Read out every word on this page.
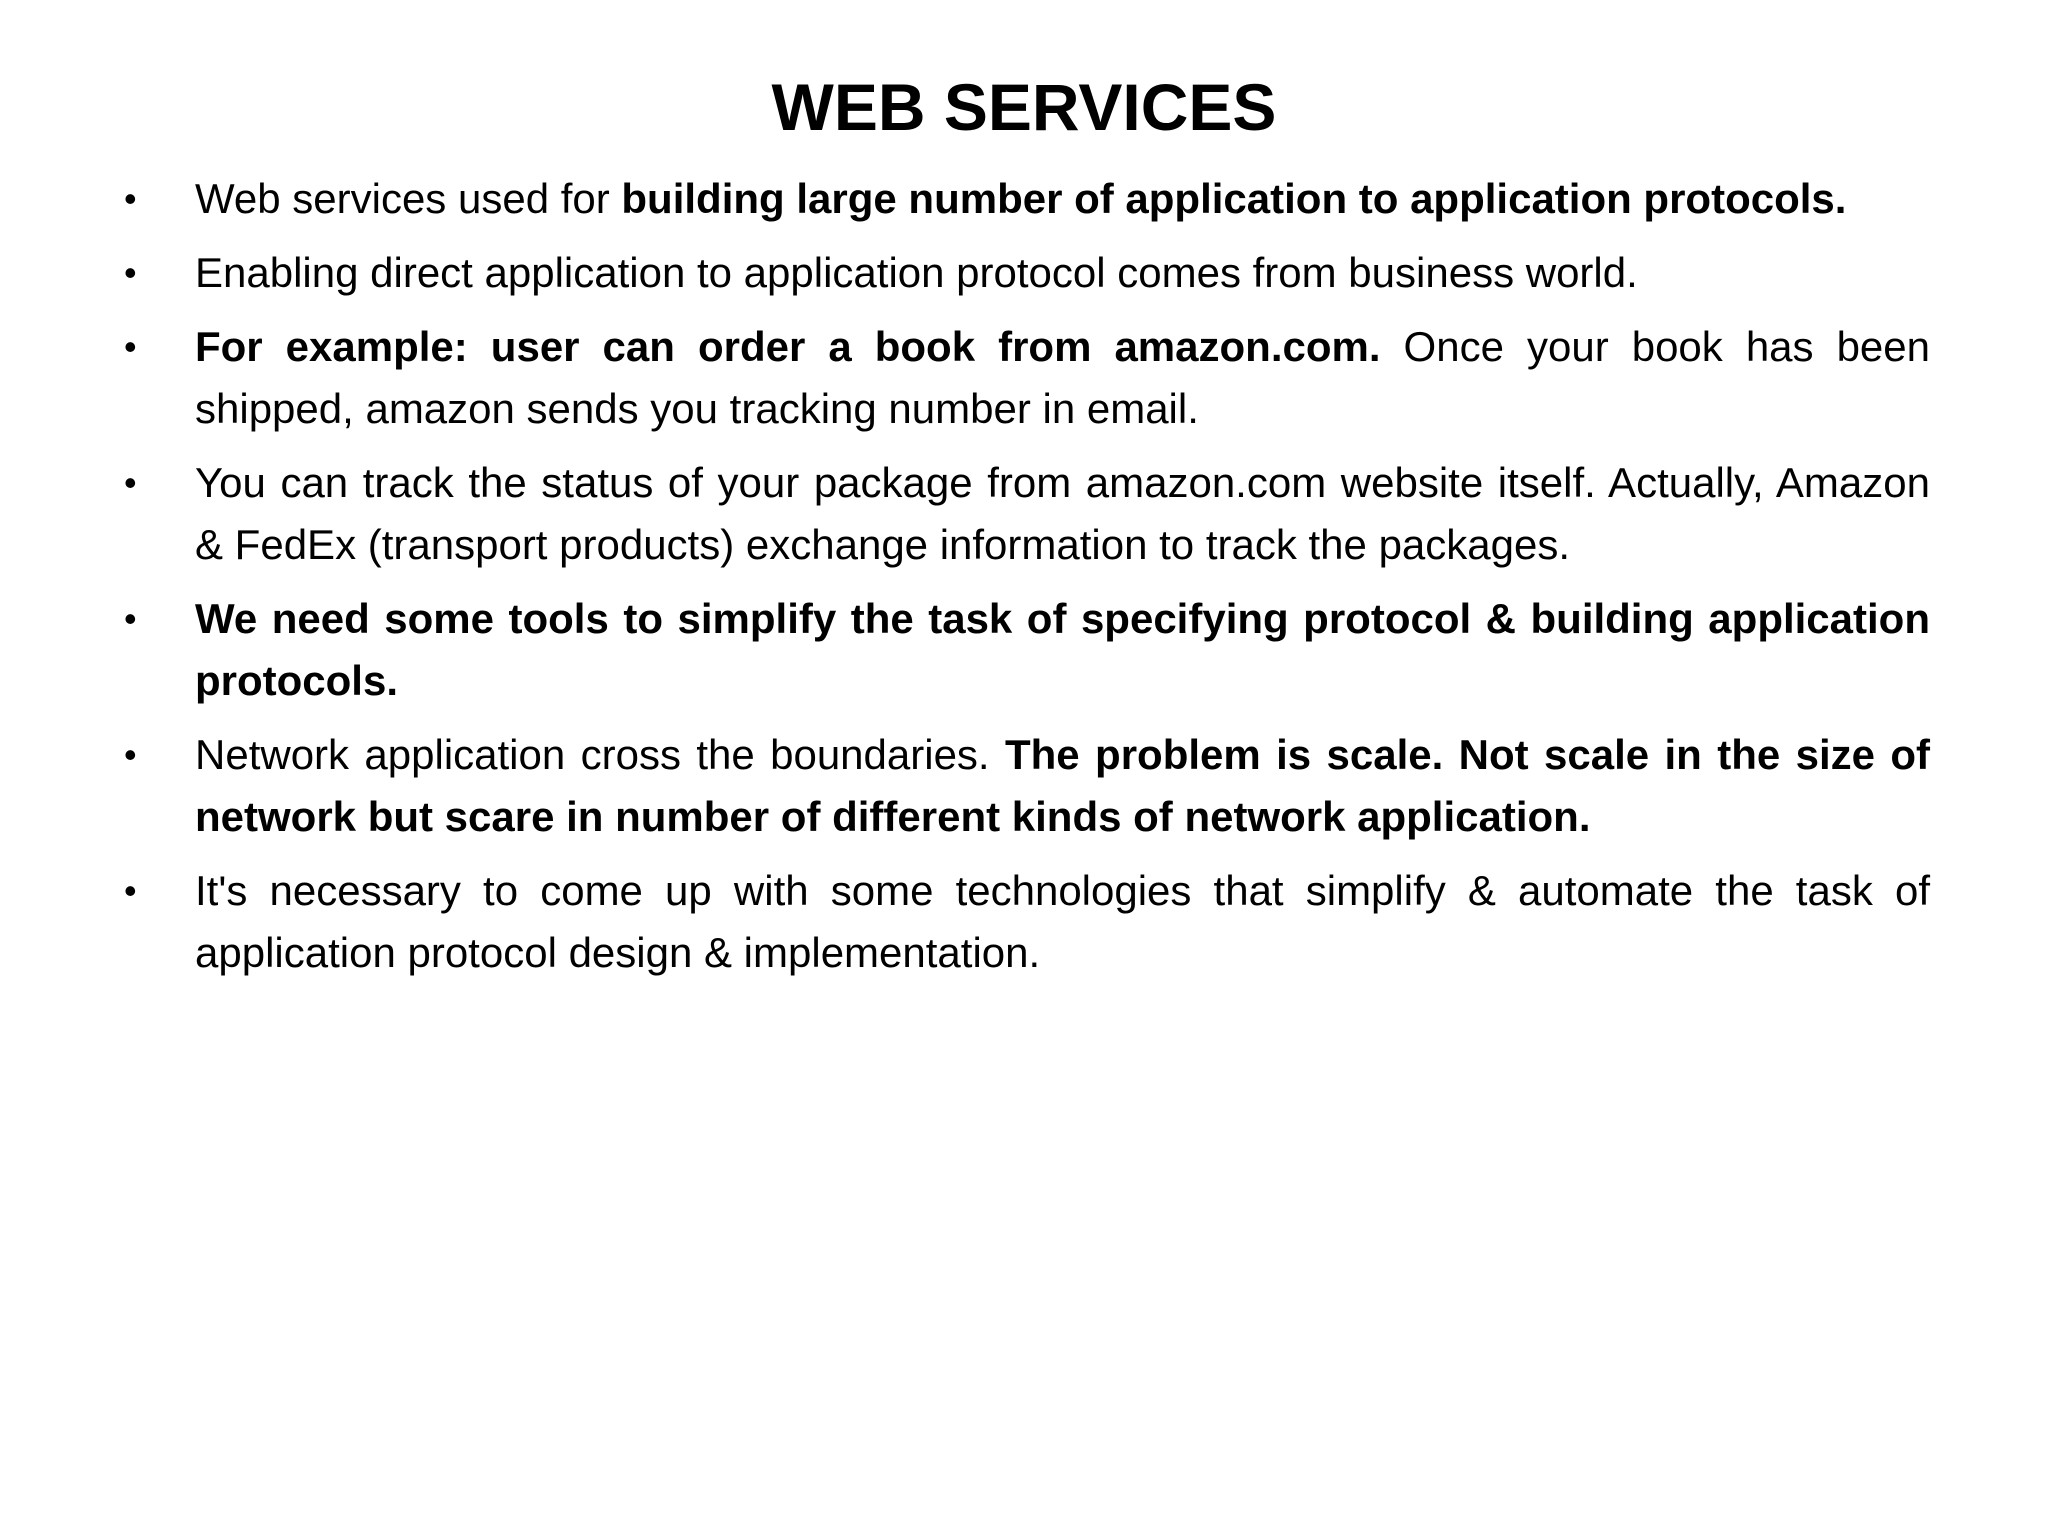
WEB SERVICES
• Web services used for building large number of application to application protocols.
• Enabling direct application to application protocol comes from business world.
• For example: user can order a book from amazon.com. Once your book has been shipped, amazon sends you tracking number in email.
• You can track the status of your package from amazon.com website itself. Actually, Amazon & FedEx (transport products) exchange information to track the packages.
• We need some tools to simplify the task of specifying protocol & building application protocols.
• Network application cross the boundaries. The problem is scale. Not scale in the size of network but scare in number of different kinds of network application.
• It's necessary to come up with some technologies that simplify & automate the task of application protocol design & implementation.
